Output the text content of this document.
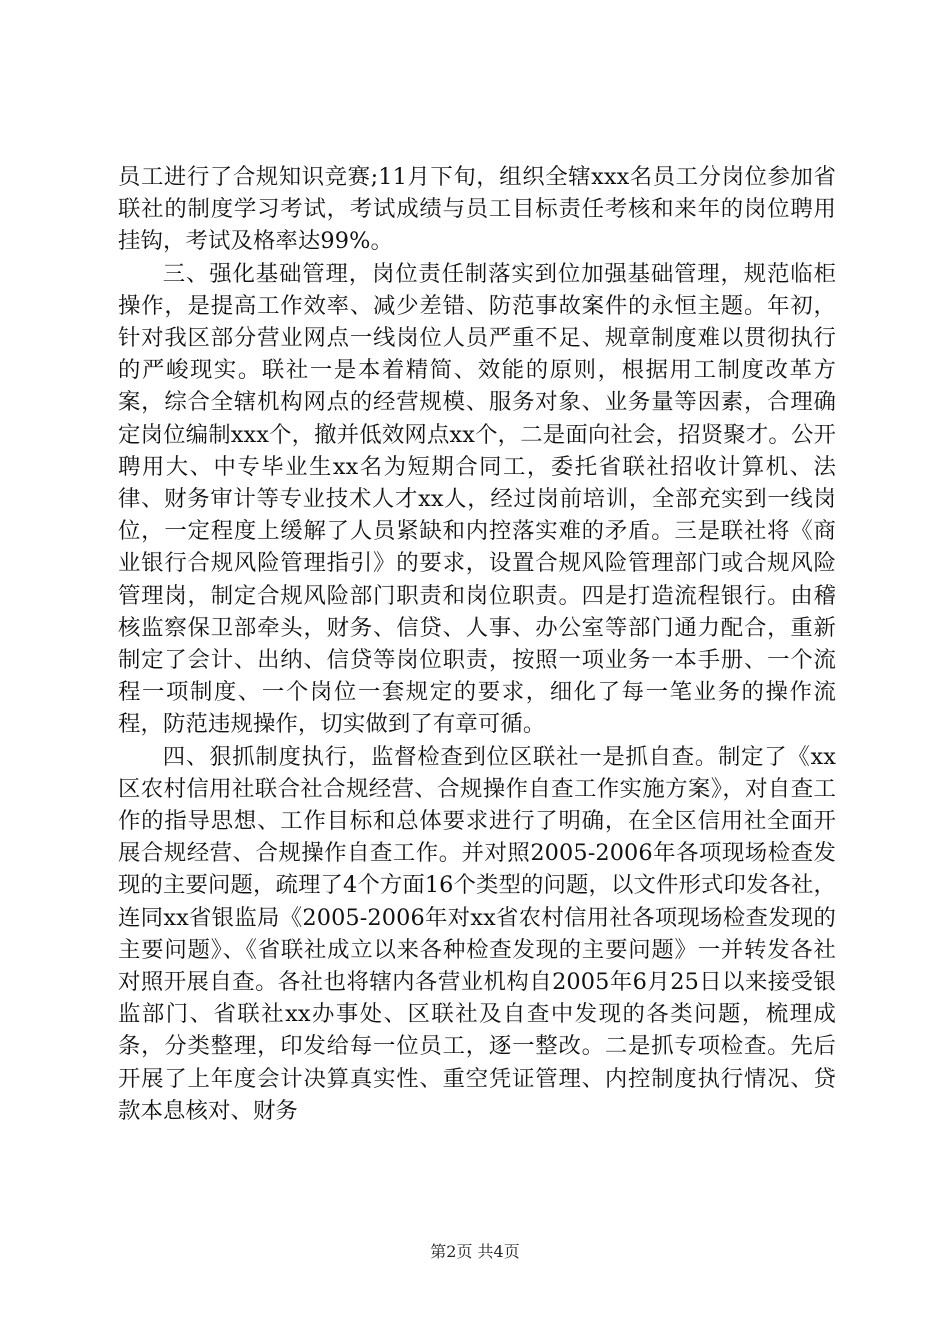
员工进行了合规知识竞赛;11月下旬，组织全辖xxx名员工分岗位参加省联社的制度学习考试，考试成绩与员工目标责任考核和来年的岗位聘用挂钩，考试及格率达99%。

三、强化基础管理，岗位责任制落实到位加强基础管理，规范临柜操作，是提高工作效率、减少差错、防范事故案件的永恒主题。年初，针对我区部分营业网点一线岗位人员严重不足、规章制度难以贯彻执行的严峻现实。联社一是本着精简、效能的原则，根据用工制度改革方案，综合全辖机构网点的经营规模、服务对象、业务量等因素，合理确定岗位编制xxx个，撤并低效网点xx个，二是面向社会，招贤聚才。公开聘用大、中专毕业生xx名为短期合同工，委托省联社招收计算机、法律、财务审计等专业技术人才xx人，经过岗前培训，全部充实到一线岗位，一定程度上缓解了人员紧缺和内控落实难的矛盾。三是联社将《商业银行合规风险管理指引》的要求，设置合规风险管理部门或合规风险管理岗，制定合规风险部门职责和岗位职责。四是打造流程银行。由稽核监察保卫部牵头，财务、信贷、人事、办公室等部门通力配合，重新制定了会计、出纳、信贷等岗位职责，按照一项业务一本手册、一个流程一项制度、一个岗位一套规定的要求，细化了每一笔业务的操作流程，防范违规操作，切实做到了有章可循。

四、狠抓制度执行，监督检查到位区联社一是抓自查。制定了《xx区农村信用社联合社合规经营、合规操作自查工作实施方案》，对自查工作的指导思想、工作目标和总体要求进行了明确，在全区信用社全面开展合规经营、合规操作自查工作。并对照2005-2006年各项现场检查发现的主要问题，疏理了4个方面16个类型的问题，以文件形式印发各社，连同xx省银监局《2005-2006年对xx省农村信用社各项现场检查发现的主要问题》、《省联社成立以来各种检查发现的主要问题》一并转发各社对照开展自查。各社也将辖内各营业机构自2005年6月25日以来接受银监部门、省联社xx办事处、区联社及自查中发现的各类问题，梳理成条，分类整理，印发给每一位员工，逐一整改。二是抓专项检查。先后开展了上年度会计决算真实性、重空凭证管理、内控制度执行情况、贷款本息核对、财务

第2页 共4页
